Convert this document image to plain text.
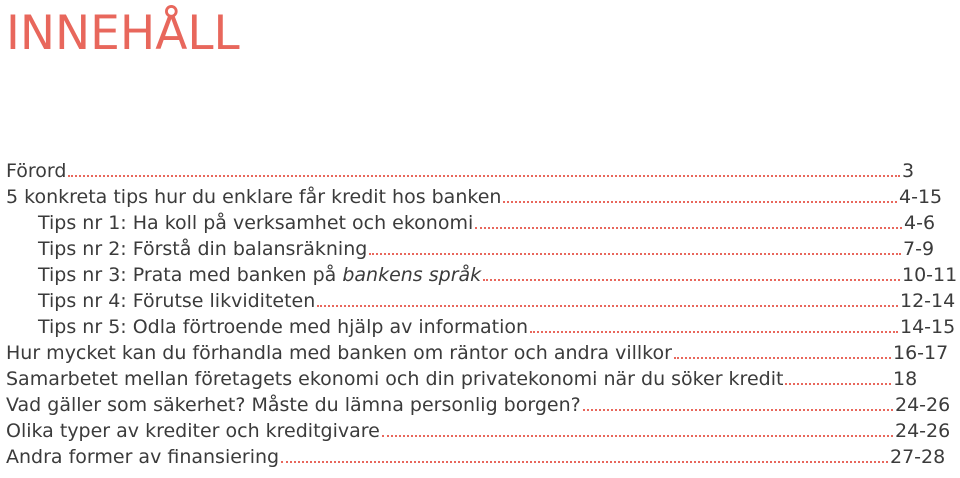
INNEHÅLL
Förord	3
5 konkreta tips hur du enklare får kredit hos banken	4-15
Tips nr 1: Ha koll på verksamhet och ekonomi	4-6
Tips nr 2: Förstå din balansräkning	7-9
Tips nr 3: Prata med banken på bankens språk	10-11
Tips nr 4: Förutse likviditeten	12-14
Tips nr 5: Odla förtroende med hjälp av information	14-15
Hur mycket kan du förhandla med banken om räntor och andra villkor	16-17
Samarbetet mellan företagets ekonomi och din privatekonomi när du söker kredit	18
Vad gäller som säkerhet? Måste du lämna personlig borgen?	24-26
Olika typer av krediter och kreditgivare	24-26
Andra former av finansiering	27-28
